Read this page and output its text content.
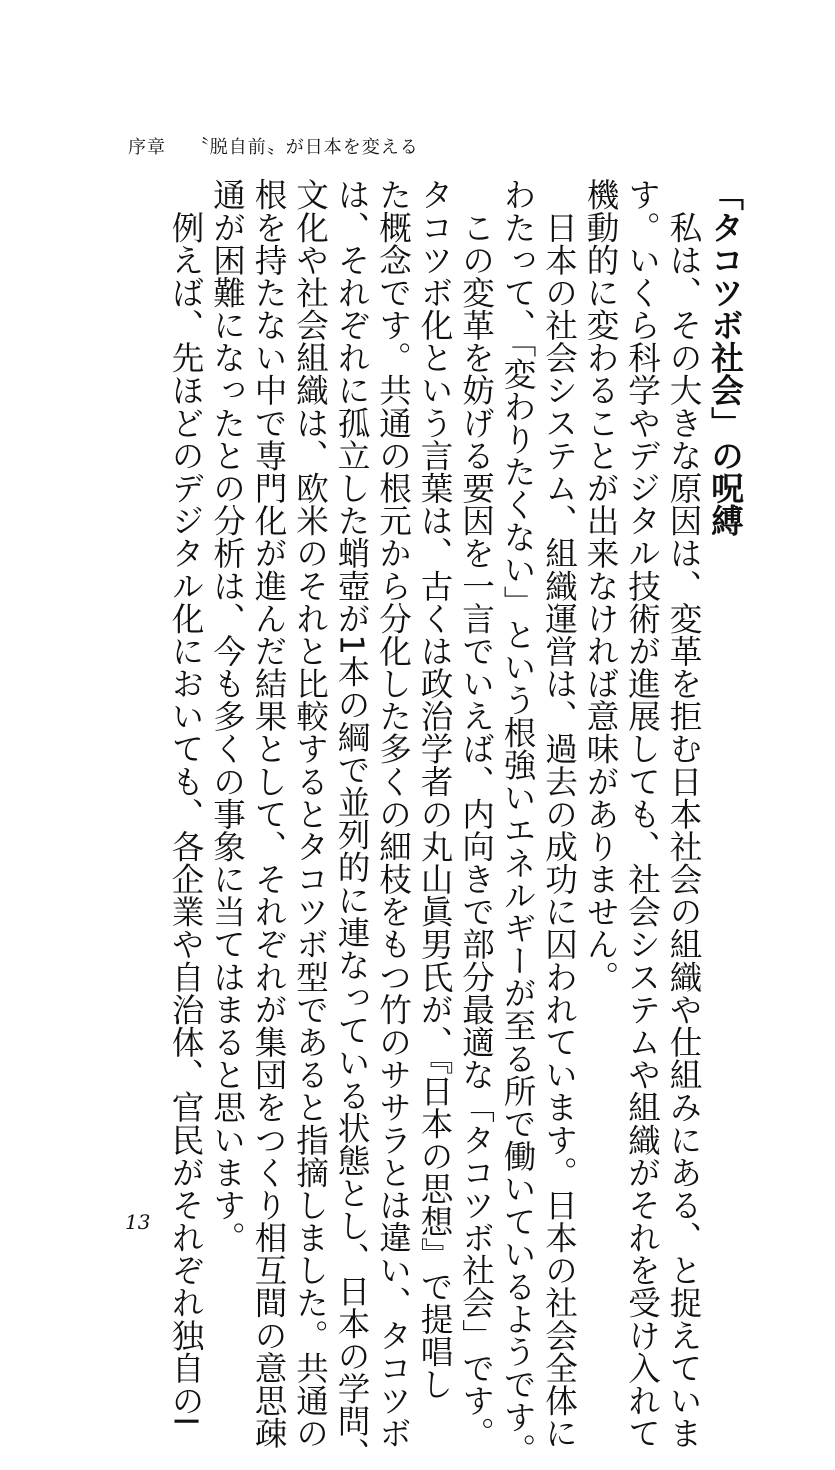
序章 〝脱自前〟が日本を変える
「タコツボ社会」の呪縛
　私は、その大きな原因は、変革を拒む日本社会の組織や仕組みにある、と捉えていま
す。いくら科学やデジタル技術が進展しても、社会システムや組織がそれを受け入れて
機動的に変わることが出来なければ意味がありません。
　日本の社会システム、組織運営は、過去の成功に囚われています。日本の社会全体に
わたって、「変わりたくない」という根強いエネルギーが至る所で働いているようです。
　この変革を妨げる要因を一言でいえば、内向きで部分最適な「タコツボ社会」です。
タコツボ化という言葉は、古くは政治学者の丸山眞男氏が、『日本の思想』で提唱し
た概念です。共通の根元から分化した多くの細枝をもつ竹のササラとは違い、タコツボ
は、それぞれに孤立した蛸壺が1本の綱で並列的に連なっている状態とし、日本の学問、
文化や社会組織は、欧米のそれと比較するとタコツボ型であると指摘しました。共通の
根を持たない中で専門化が進んだ結果として、それぞれが集団をつくり相互間の意思疎
通が困難になったとの分析は、今も多くの事象に当てはまると思います。
　例えば、先ほどのデジタル化においても、各企業や自治体、官民がそれぞれ独自のI
13
